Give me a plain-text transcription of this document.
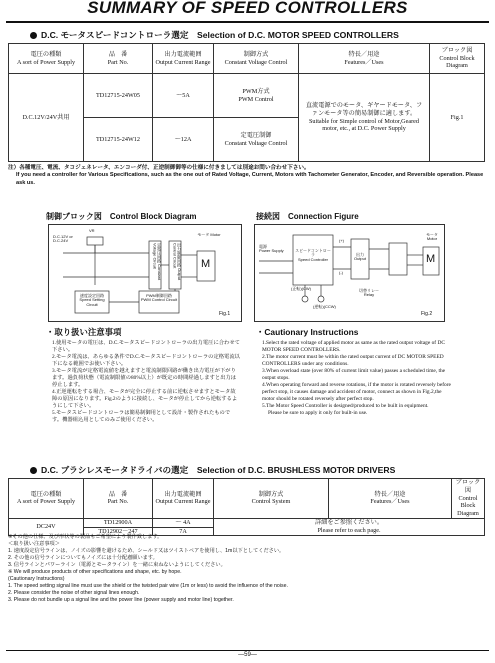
SUMMARY OF SPEED CONTROLLERS
D.C. モータスピードコントローラ選定　Selection of D.C. MOTOR SPEED CONTROLLERS
電圧の種類
A sort of Power Supply	品　番
Part No.	出力電流範囲
Output Current Range	制御方式
Constant Voltage Control	特長／用途
Features／Uses	ブロック図
Control Block Diagram
D.C.12V/24V共用	TD12715-24W05	～5A	PWM方式
PWM Control	直流電源でのモータ、ギヤードモータ、ファンモータ等の簡易制御に適します。
Suitable for Simple control of Motor,Geared motor, etc., at D.C. Power Supply	Fig.1
	TD12715-24W12	～12A	定電圧制御
Constant Voltage Control		
注）各種電圧、電流、タコジェネレータ、エンコーダ付、正逆制御御等の仕様に付きましては別途お問い合わせ下さい。
If you need a controller for Various Specifications, such as the one out of Rated Voltage, Current, Motors with Tachometer Generator, Encoder, and Reversible operation. Please ask us.
制御ブロック図　 Control Block Diagram
D.C.12V or D.C.24V
VR
モータ Motor
M
定電圧回路 Constant Voltage Circuit	出力制御回路 Output Control Circuit
速度設定回路
Speed Setting Circuit
PWM制御回路
PWM Control Circuit
Fig.1
接続図　 Connection Figure
電源
Power Supply	スピードコントローラ
Speed Controller
出力
Output
(+)
(-)
モータ Motor
M
(正転)(CW)
(逆転)(CCW)
切替リレー
Relay
Fig.2
・取り扱い注意事項
1.使用モータの電圧は、D.C.モータスピードコントローラの出力電圧に合わせて下さい。
2.モータ電流は、あらゆる条件でD.C.モータスピードコントローラの定格電流以下になる範囲でお使い下さい。
3.モータ電流が定格電流値を越えますと電流制限回路が働き出力電圧が下がります。過負荷状態（電流制限値の80%以上）が既定の時間経過しますと出力は停止します。
4.正逆運転をする場合、モータが完全に停止する前に逆転させますとモータ故障の原因になります。Fig.2のように接続し、モータが停止してから逆転するようにして下さい。
5.モータスピードコントローラは簡易制御用として設計・製作されたものです。機器組込用としてのみご使用ください。
・Cautionary Instructions
1.Select the rated voltage of applied motor as same as the rated output voltage of DC MOTOR SPEED CONTROLLERS.
2.The motor current must be within the rated output current of DC MOTOR SPEED CONTROLLERS under any conditions.
3.When overload state (over 80% of current limit value) passes a scheduled time, the output stops.
4.When operating forward and reverse rotations, if the motor is rotated reversely before perfect stop, it causes damage and accident of motor, connect as shown in Fig.2,the motor should be rotated reversely after perfect stop.
5.The Motor Speed Controller is designed/produced to be built in equipment.
Please be sure to apply it only for built-in use.
D.C. ブラシレスモータドライバの選定　Selection of D.C. BRUSHLESS MOTOR DRIVERS
電圧の種類
A sort of Power Supply	品　番
Part No.	出力電流範囲
Output Current Range	制御方式
Control System	特長／用途
Features／Uses	ブロック図
Control Block Diagram
DC24V	TD12900A	～ 4A	詳細をご参照ください。
Please refer to each page.		
	TD12902－247	7A			
※その他の仕様、及び形状等の製品もご希望により製作致します。
＜取り扱い注意事項＞
1. 速度設定信号ラインは、ノイズの影響を避けるため、シールド又はツイストペアを使用し、1m以下としてください。
2. その他の信号ラインについてもノイズには十分配慮願います。
3. 信号ラインとパワーライン（電源とモータライン）を一緒に束ねないようにしてください。
※ We will produce products of other specifications and shape, etc. by hope.
(Cautionary Instructions)
1. The speed setting signal line must use the shield or the twisted pair wire (1m or less) to avoid the influence of the noise.
2. Please consider the noise of other signal lines enough.
3. Please do not bundle up a signal line and the power line (power supply and motor line) together.
—59—
